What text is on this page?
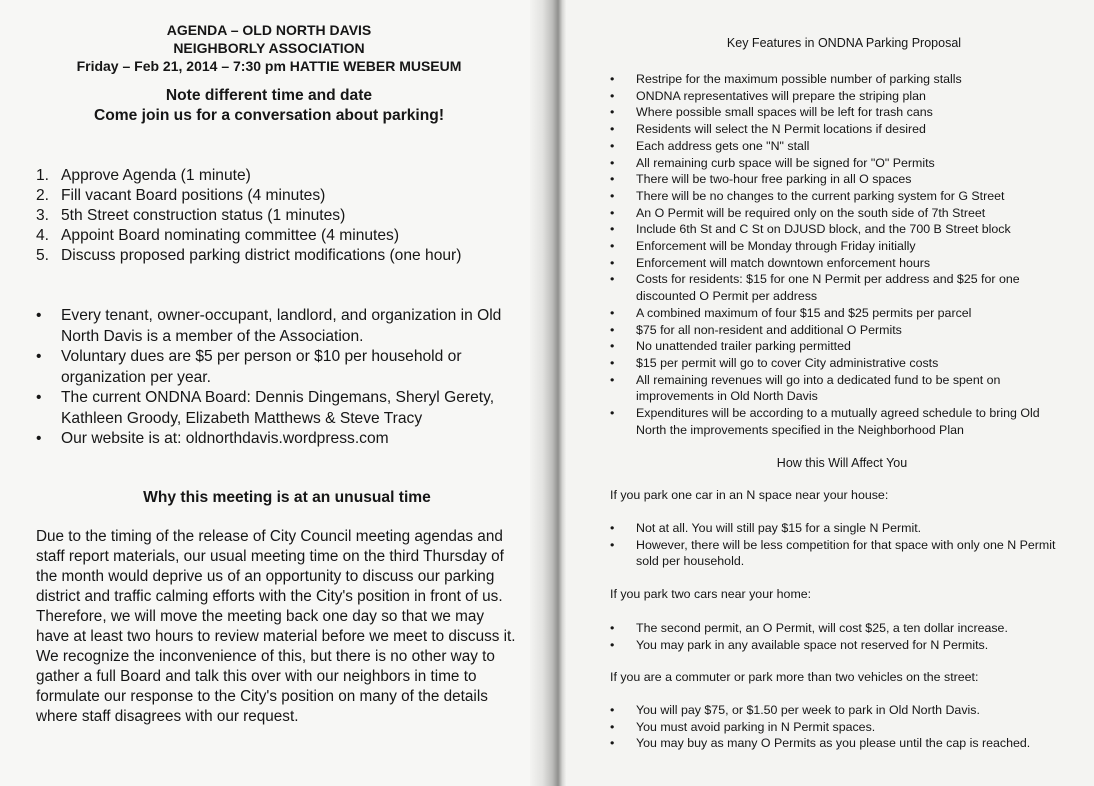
AGENDA – OLD NORTH DAVIS
NEIGHBORLY ASSOCIATION
Friday – Feb 21, 2014 – 7:30 pm HATTIE WEBER MUSEUM
Note different time and date
Come join us for a conversation about parking!
1. Approve Agenda (1 minute)
2. Fill vacant Board positions (4 minutes)
3. 5th Street construction status (1 minutes)
4. Appoint Board nominating committee (4 minutes)
5. Discuss proposed parking district modifications (one hour)
•	Every tenant, owner-occupant, landlord, and organization in Old North Davis is a member of the Association.
•	Voluntary dues are $5 per person or $10 per household or organization per year.
•	The current ONDNA Board: Dennis Dingemans, Sheryl Gerety, Kathleen Groody, Elizabeth Matthews & Steve Tracy
•	Our website is at: oldnorthdavis.wordpress.com
Why this meeting is at an unusual time

Due to the timing of the release of City Council meeting agendas and staff report materials, our usual meeting time on the third Thursday of the month would deprive us of an opportunity to discuss our parking district and traffic calming efforts with the City's position in front of us. Therefore, we will move the meeting back one day so that we may have at least two hours to review material before we meet to discuss it. We recognize the inconvenience of this, but there is no other way to gather a full Board and talk this over with our neighbors in time to formulate our response to the City's position on many of the details where staff disagrees with our request.

Key Features in ONDNA Parking Proposal
•	Restripe for the maximum possible number of parking stalls
•	ONDNA representatives will prepare the striping plan
•	Where possible small spaces will be left for trash cans
•	Residents will select the N Permit locations if desired
•	Each address gets one "N" stall
•	All remaining curb space will be signed for "O" Permits
•	There will be two-hour free parking in all O spaces
•	There will be no changes to the current parking system for G Street
•	An O Permit will be required only on the south side of 7th Street
•	Include 6th St and C St on DJUSD block, and the 700 B Street block
•	Enforcement will be Monday through Friday initially
•	Enforcement will match downtown enforcement hours
•	Costs for residents: $15 for one N Permit per address and $25 for one discounted O Permit per address
•	A combined maximum of four $15 and $25 permits per parcel
•	$75 for all non-resident and additional O Permits
•	No unattended trailer parking permitted
•	$15 per permit will go to cover City administrative costs
•	All remaining revenues will go into a dedicated fund to be spent on improvements in Old North Davis
•	Expenditures will be according to a mutually agreed schedule to bring Old North the improvements specified in the Neighborhood Plan
How this Will Affect You
If you park one car in an N space near your house:
•	Not at all. You will still pay $15 for a single N Permit.
•	However, there will be less competition for that space with only one N Permit sold per household.
If you park two cars near your home:
•	The second permit, an O Permit, will cost $25, a ten dollar increase.
•	You may park in any available space not reserved for N Permits.
If you are a commuter or park more than two vehicles on the street:
•	You will pay $75, or $1.50 per week to park in Old North Davis.
•	You must avoid parking in N Permit spaces.
•	You may buy as many O Permits as you please until the cap is reached.
